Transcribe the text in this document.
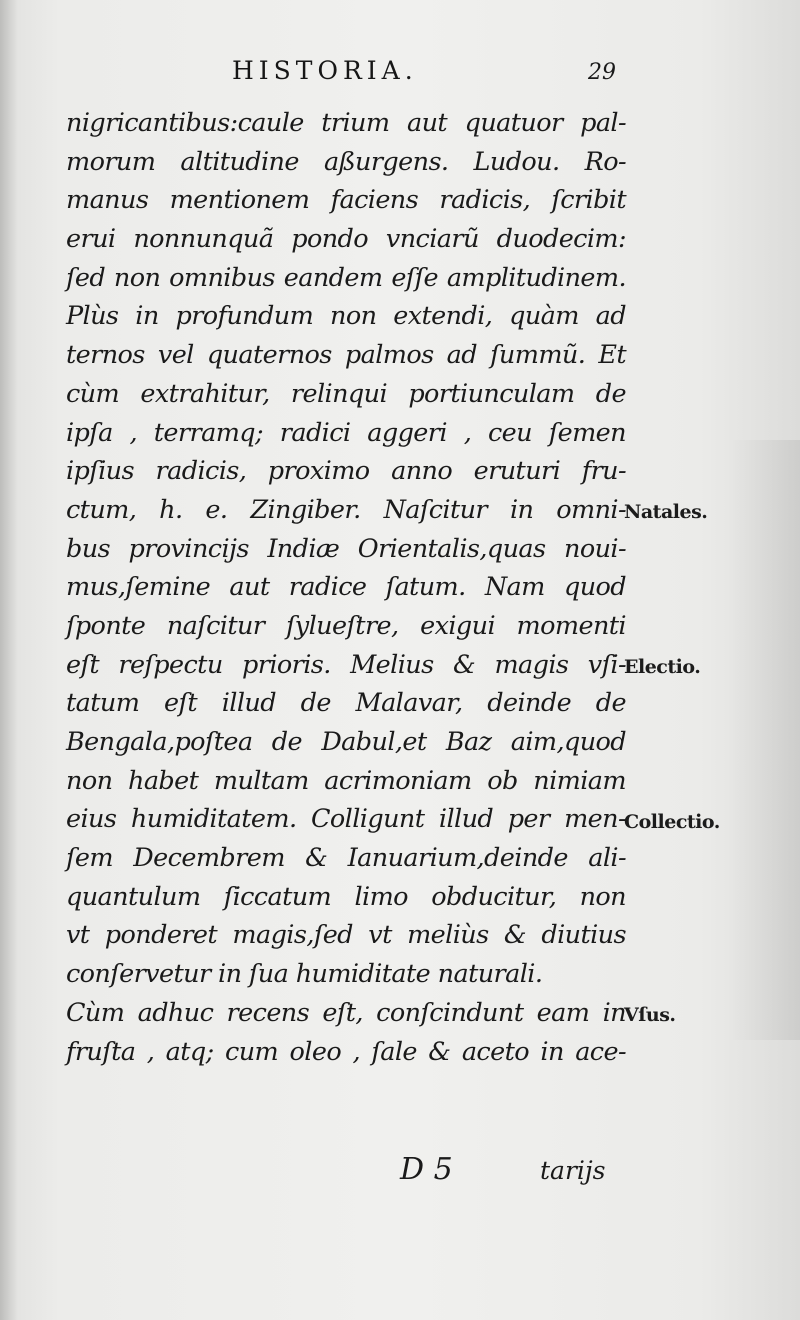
HISTORIA.	29
nigricantibus:caule trium aut quatuor pal-
morum altitudine aßurgens. Ludou. Ro-
manus mentionem faciens radicis, ſcribit
erui nonnunquã pondo vnciarũ duodecim:
ſed non omnibus eandem eſſe amplitudinem.
Plùs in profundum non extendi, quàm ad
ternos vel quaternos palmos ad ſummũ. Et
cùm extrahitur, relinqui portiunculam de
ipſa , terramq; radici aggeri , ceu ſemen
ipſius radicis, proximo anno eruturi fru-
ctum, h. e. Zingiber. Naſcitur in omni-
bus provincijs Indiæ Orientalis,quas noui-
mus,ſemine aut radice ſatum. Nam quod
ſponte naſcitur ſylueſtre, exigui momenti
eſt reſpectu prioris. Melius & magis vſi-
tatum eſt illud de Malavar, deinde de
Bengala,poſtea de Dabul,et Baz aim,quod
non habet multam acrimoniam ob nimiam
eius humiditatem. Colligunt illud per men-
ſem Decembrem & Ianuarium,deinde ali-
quantulum ſiccatum limo obducitur, non
vt ponderet magis,ſed vt meliùs & diutius
conſervetur in ſua humiditate naturali.
Cùm adhuc recens eſt, conſcindunt eam in
fruſta , atq; cum oleo , ſale & aceto in ace-
Natales.
Electio.
Collectio.
Vſus.
D 5	tarijs
